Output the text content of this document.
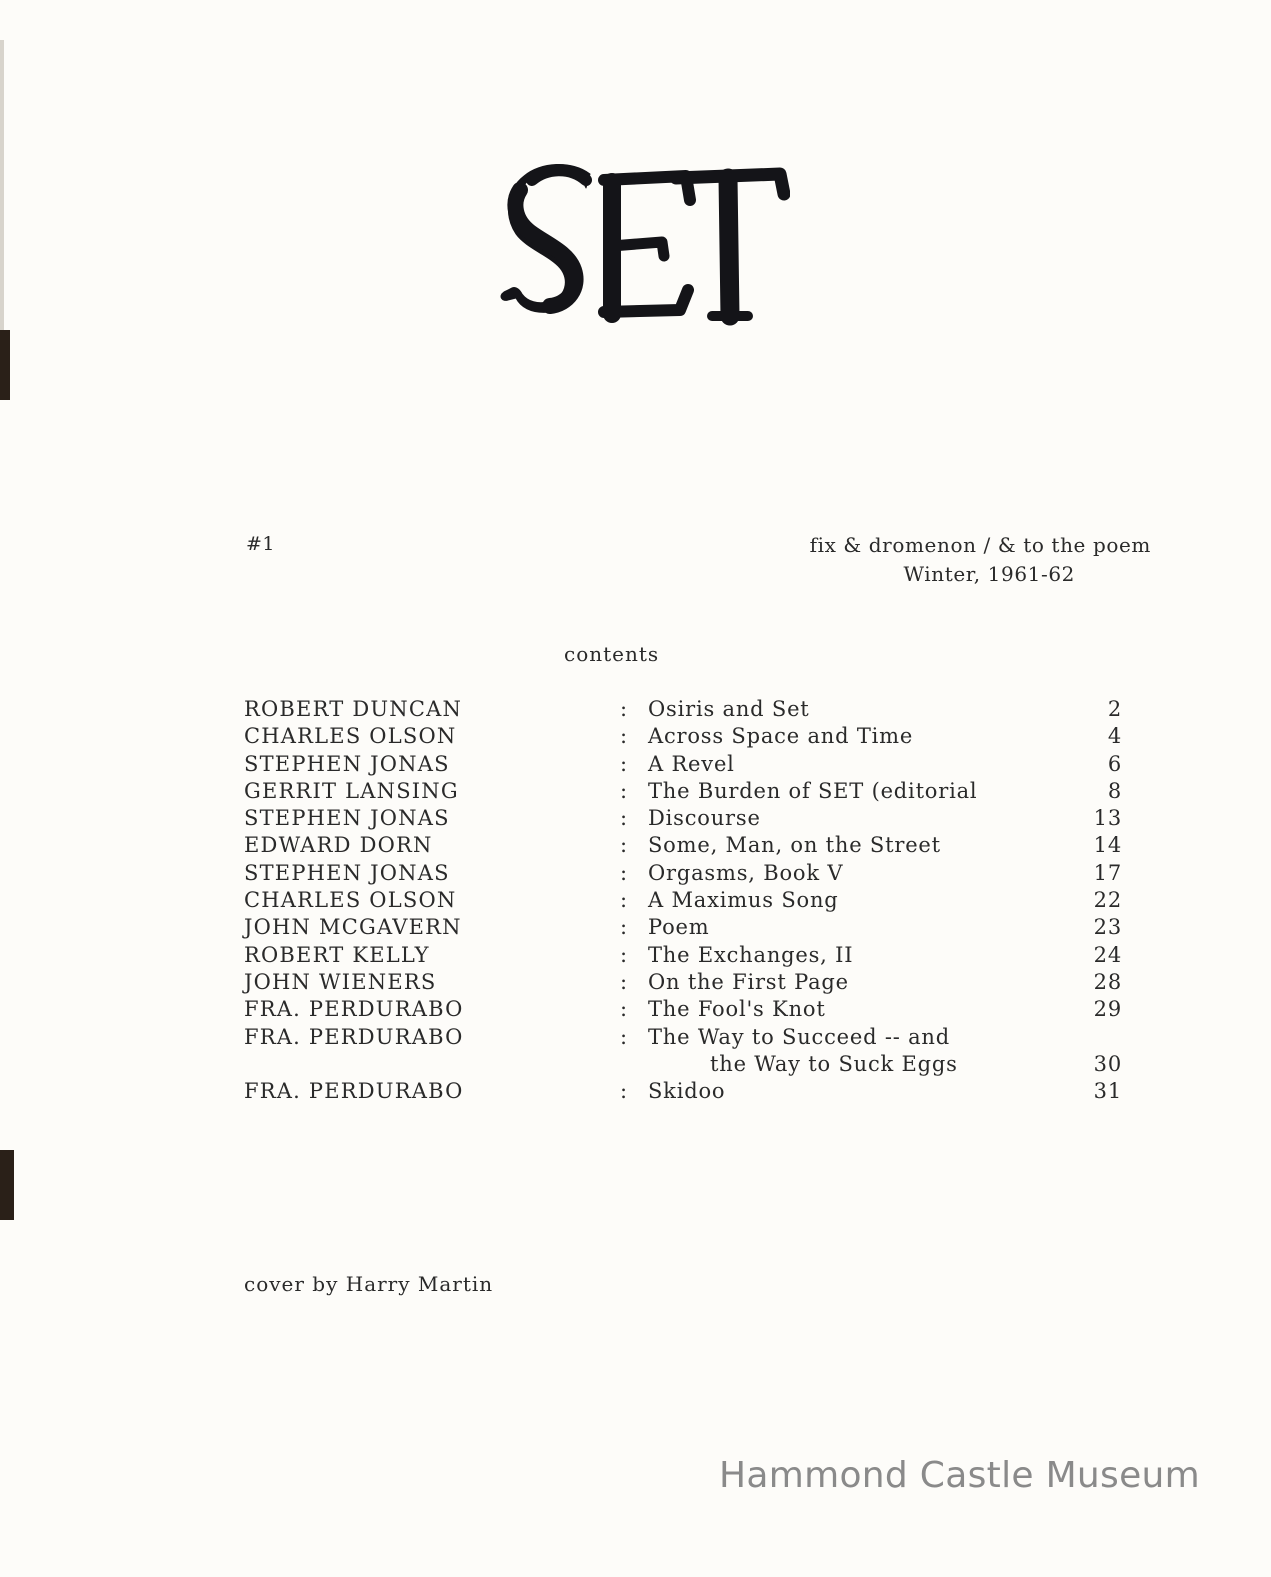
#1	fix & dromenon / & to the poem
Winter, 1961-62
contents
ROBERT DUNCAN	: Osiris and Set	2
CHARLES OLSON	: Across Space and Time	4
STEPHEN JONAS	: A Revel	6
GERRIT LANSING	: The Burden of SET (editorial	8
STEPHEN JONAS	: Discourse	13
EDWARD DORN	: Some, Man, on the Street	14
STEPHEN JONAS	: Orgasms, Book V	17
CHARLES OLSON	: A Maximus Song	22
JOHN MCGAVERN	: Poem	23
ROBERT KELLY	: The Exchanges, II	24
JOHN WIENERS	: On the First Page	28
FRA. PERDURABO	: The Fool's Knot	29
FRA. PERDURABO	: The Way to Succeed -- and
the Way to Suck Eggs	30
FRA. PERDURABO	: Skidoo	31
cover by Harry Martin
Hammond Castle Museum
